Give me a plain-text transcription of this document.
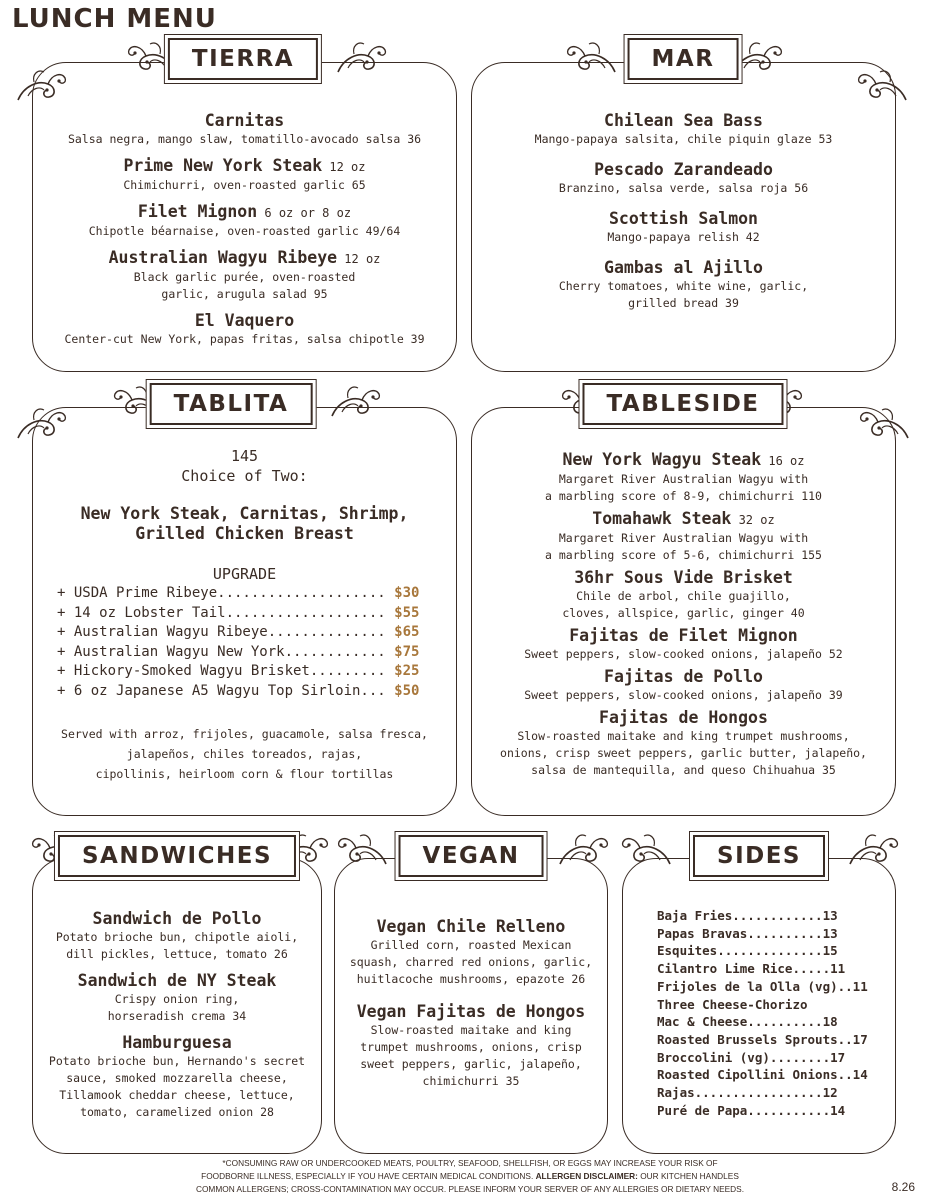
LUNCH MENU
Carnitas
Salsa negra, mango slaw, tomatillo-avocado salsa 36
Prime New York Steak 12 oz
Chimichurri, oven-roasted garlic 65
Filet Mignon 6 oz or 8 oz
Chipotle béarnaise, oven-roasted garlic 49/64
Australian Wagyu Ribeye 12 oz
Black garlic purée, oven-roasted
garlic, arugula salad 95
El Vaquero
Center-cut New York, papas fritas, salsa chipotle 39
TIERRA
Chilean Sea Bass
Mango-papaya salsita, chile piquin glaze 53
Pescado Zarandeado
Branzino, salsa verde, salsa roja 56
Scottish Salmon
Mango-papaya relish 42
Gambas al Ajillo
Cherry tomatoes, white wine, garlic,
grilled bread 39
MAR
145
Choice of Two:
New York Steak, Carnitas, Shrimp,
Grilled Chicken Breast
UPGRADE
+ USDA Prime Ribeye.................... $30
+ 14 oz Lobster Tail................... $55
+ Australian Wagyu Ribeye.............. $65
+ Australian Wagyu New York............ $75
+ Hickory-Smoked Wagyu Brisket......... $25
+ 6 oz Japanese A5 Wagyu Top Sirloin... $50
Served with arroz, frijoles, guacamole, salsa fresca,
jalapeños, chiles toreados, rajas,
cipollinis, heirloom corn & flour tortillas
TABLITA
New York Wagyu Steak 16 oz
Margaret River Australian Wagyu with
a marbling score of 8-9, chimichurri 110
Tomahawk Steak 32 oz
Margaret River Australian Wagyu with
a marbling score of 5-6, chimichurri 155
36hr Sous Vide Brisket
Chile de arbol, chile guajillo,
cloves, allspice, garlic, ginger 40
Fajitas de Filet Mignon
Sweet peppers, slow-cooked onions, jalapeño 52
Fajitas de Pollo
Sweet peppers, slow-cooked onions, jalapeño 39
Fajitas de Hongos
Slow-roasted maitake and king trumpet mushrooms,
onions, crisp sweet peppers, garlic butter, jalapeño,
salsa de mantequilla, and queso Chihuahua 35
TABLESIDE
Sandwich de Pollo
Potato brioche bun, chipotle aioli,
dill pickles, lettuce, tomato 26
Sandwich de NY Steak
Crispy onion ring,
horseradish crema 34
Hamburguesa
Potato brioche bun, Hernando's secret
sauce, smoked mozzarella cheese,
Tillamook cheddar cheese, lettuce,
tomato, caramelized onion 28
SANDWICHES
Vegan Chile Relleno
Grilled corn, roasted Mexican
squash, charred red onions, garlic,
huitlacoche mushrooms, epazote 26
Vegan Fajitas de Hongos
Slow-roasted maitake and king
trumpet mushrooms, onions, crisp
sweet peppers, garlic, jalapeño,
chimichurri 35
VEGAN
Baja Fries............13
Papas Bravas..........13
Esquites..............15
Cilantro Lime Rice.....11
Frijoles de la Olla (vg)..11
Three Cheese-Chorizo
Mac & Cheese..........18
Roasted Brussels Sprouts..17
Broccolini (vg)........17
Roasted Cipollini Onions..14
Rajas.................12
Puré de Papa...........14
SIDES
*CONSUMING RAW OR UNDERCOOKED MEATS, POULTRY, SEAFOOD, SHELLFISH, OR EGGS MAY INCREASE YOUR RISK OF
FOODBORNE ILLNESS, ESPECIALLY IF YOU HAVE CERTAIN MEDICAL CONDITIONS. ALLERGEN DISCLAIMER: OUR KITCHEN HANDLES
COMMON ALLERGENS; CROSS-CONTAMINATION MAY OCCUR. PLEASE INFORM YOUR SERVER OF ANY ALLERGIES OR DIETARY NEEDS.	8.26
